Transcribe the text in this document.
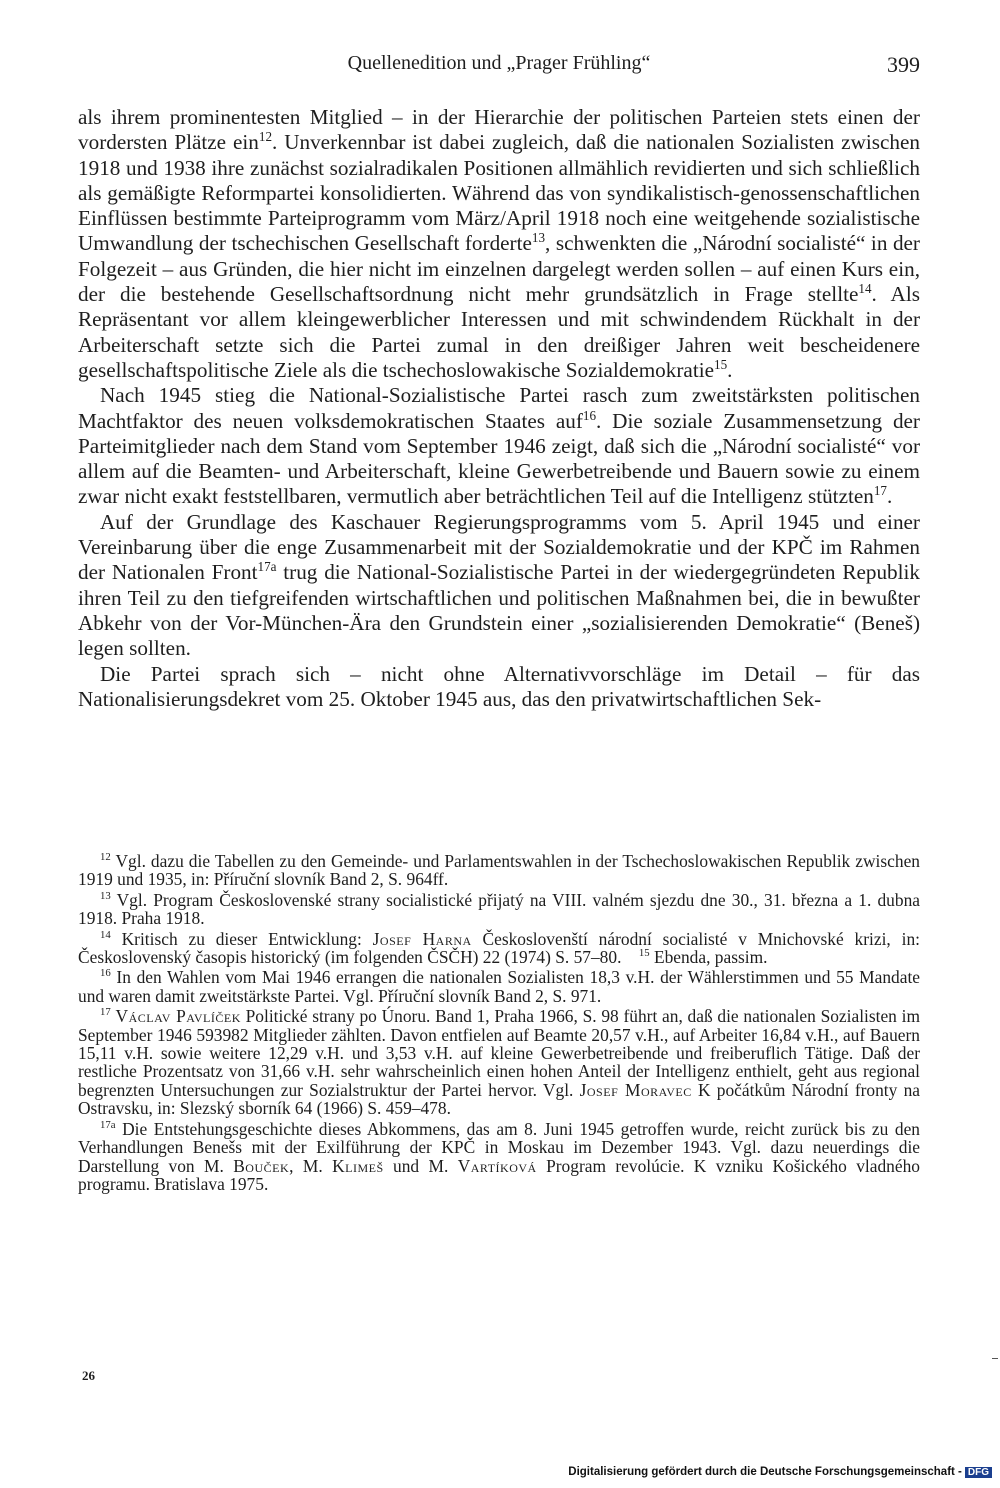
Quellenedition und „Prager Frühling“	399

als ihrem prominentesten Mitglied – in der Hierarchie der politischen Parteien stets einen der vordersten Plätze ein$^{12}$. Unverkennbar ist dabei zugleich, daß die nationalen Sozialisten zwischen 1918 und 1938 ihre zunächst sozialradikalen Positionen allmählich revidierten und sich schließlich als gemäßigte Reformpartei konsolidierten. Während das von syndikalistisch-genossenschaftlichen Einflüssen bestimmte Parteiprogramm vom März/April 1918 noch eine weitgehende sozialistische Umwandlung der tschechischen Gesellschaft forderte$^{13}$, schwenkten die „Národní socialisté“ in der Folgezeit – aus Gründen, die hier nicht im einzelnen dargelegt werden sollen – auf einen Kurs ein, der die bestehende Gesellschaftsordnung nicht mehr grundsätzlich in Frage stellte$^{14}$. Als Repräsentant vor allem kleingewerblicher Interessen und mit schwindendem Rückhalt in der Arbeiterschaft setzte sich die Partei zumal in den dreißiger Jahren weit bescheidenere gesellschaftspolitische Ziele als die tschechoslowakische Sozialdemokratie$^{15}$.

Nach 1945 stieg die National-Sozialistische Partei rasch zum zweitstärksten politischen Machtfaktor des neuen volksdemokratischen Staates auf$^{16}$. Die soziale Zusammensetzung der Parteimitglieder nach dem Stand vom September 1946 zeigt, daß sich die „Národní socialisté“ vor allem auf die Beamten- und Arbeiterschaft, kleine Gewerbetreibende und Bauern sowie zu einem zwar nicht exakt feststellbaren, vermutlich aber beträchtlichen Teil auf die Intelligenz stützten$^{17}$.

Auf der Grundlage des Kaschauer Regierungsprogramms vom 5. April 1945 und einer Vereinbarung über die enge Zusammenarbeit mit der Sozialdemokratie und der KPČ im Rahmen der Nationalen Front$^{17a}$ trug die National-Sozialistische Partei in der wiedergegründeten Republik ihren Teil zu den tiefgreifenden wirtschaftlichen und politischen Maßnahmen bei, die in bewußter Abkehr von der Vor-München-Ära den Grundstein einer „sozialisierenden Demokratie“ (Beneš) legen sollten.

Die Partei sprach sich – nicht ohne Alternativvorschläge im Detail – für das Nationalisierungsdekret vom 25. Oktober 1945 aus, das den privatwirtschaftlichen Sek-

$^{12}$ Vgl. dazu die Tabellen zu den Gemeinde- und Parlamentswahlen in der Tschechoslowakischen Republik zwischen 1919 und 1935, in: Příruční slovník Band 2, S. 964ff.

$^{13}$ Vgl. Program Československé strany socialistické přijatý na VIII. valném sjezdu dne 30., 31. března a 1. dubna 1918. Praha 1918.

$^{14}$ Kritisch zu dieser Entwicklung: Josef Harna Českoslovenští národní socialisté v Mnichovské krizi, in: Československý časopis historický (im folgenden ČSČH) 22 (1974) S. 57–80.  $^{15}$ Ebenda, passim.

$^{16}$ In den Wahlen vom Mai 1946 errangen die nationalen Sozialisten 18,3 v.H. der Wählerstimmen und 55 Mandate und waren damit zweitstärkste Partei. Vgl. Příruční slovník Band 2, S. 971.

$^{17}$ Václav Pavlíček Politické strany po Únoru. Band 1, Praha 1966, S. 98 führt an, daß die nationalen Sozialisten im September 1946 593982 Mitglieder zählten. Davon entfielen auf Beamte 20,57 v.H., auf Arbeiter 16,84 v.H., auf Bauern 15,11 v.H. sowie weitere 12,29 v.H. und 3,53 v.H. auf kleine Gewerbetreibende und freiberuflich Tätige. Daß der restliche Prozentsatz von 31,66 v.H. sehr wahrscheinlich einen hohen Anteil der Intelligenz enthielt, geht aus regional begrenzten Untersuchungen zur Sozialstruktur der Partei hervor. Vgl. Josef Moravec K počátkům Národní fronty na Ostravsku, in: Slezský sborník 64 (1966) S. 459–478.

$^{17a}$ Die Entstehungsgeschichte dieses Abkommens, das am 8. Juni 1945 getroffen wurde, reicht zurück bis zu den Verhandlungen Benešs mit der Exilführung der KPČ in Moskau im Dezember 1943. Vgl. dazu neuerdings die Darstellung von M. Bouček, M. Klimeš und M. Vartíková Program revolúcie. K vzniku Košického vladného programu. Bratislava 1975.

26
Digitalisierung gefördert durch die Deutsche Forschungsgemeinschaft - DFG
